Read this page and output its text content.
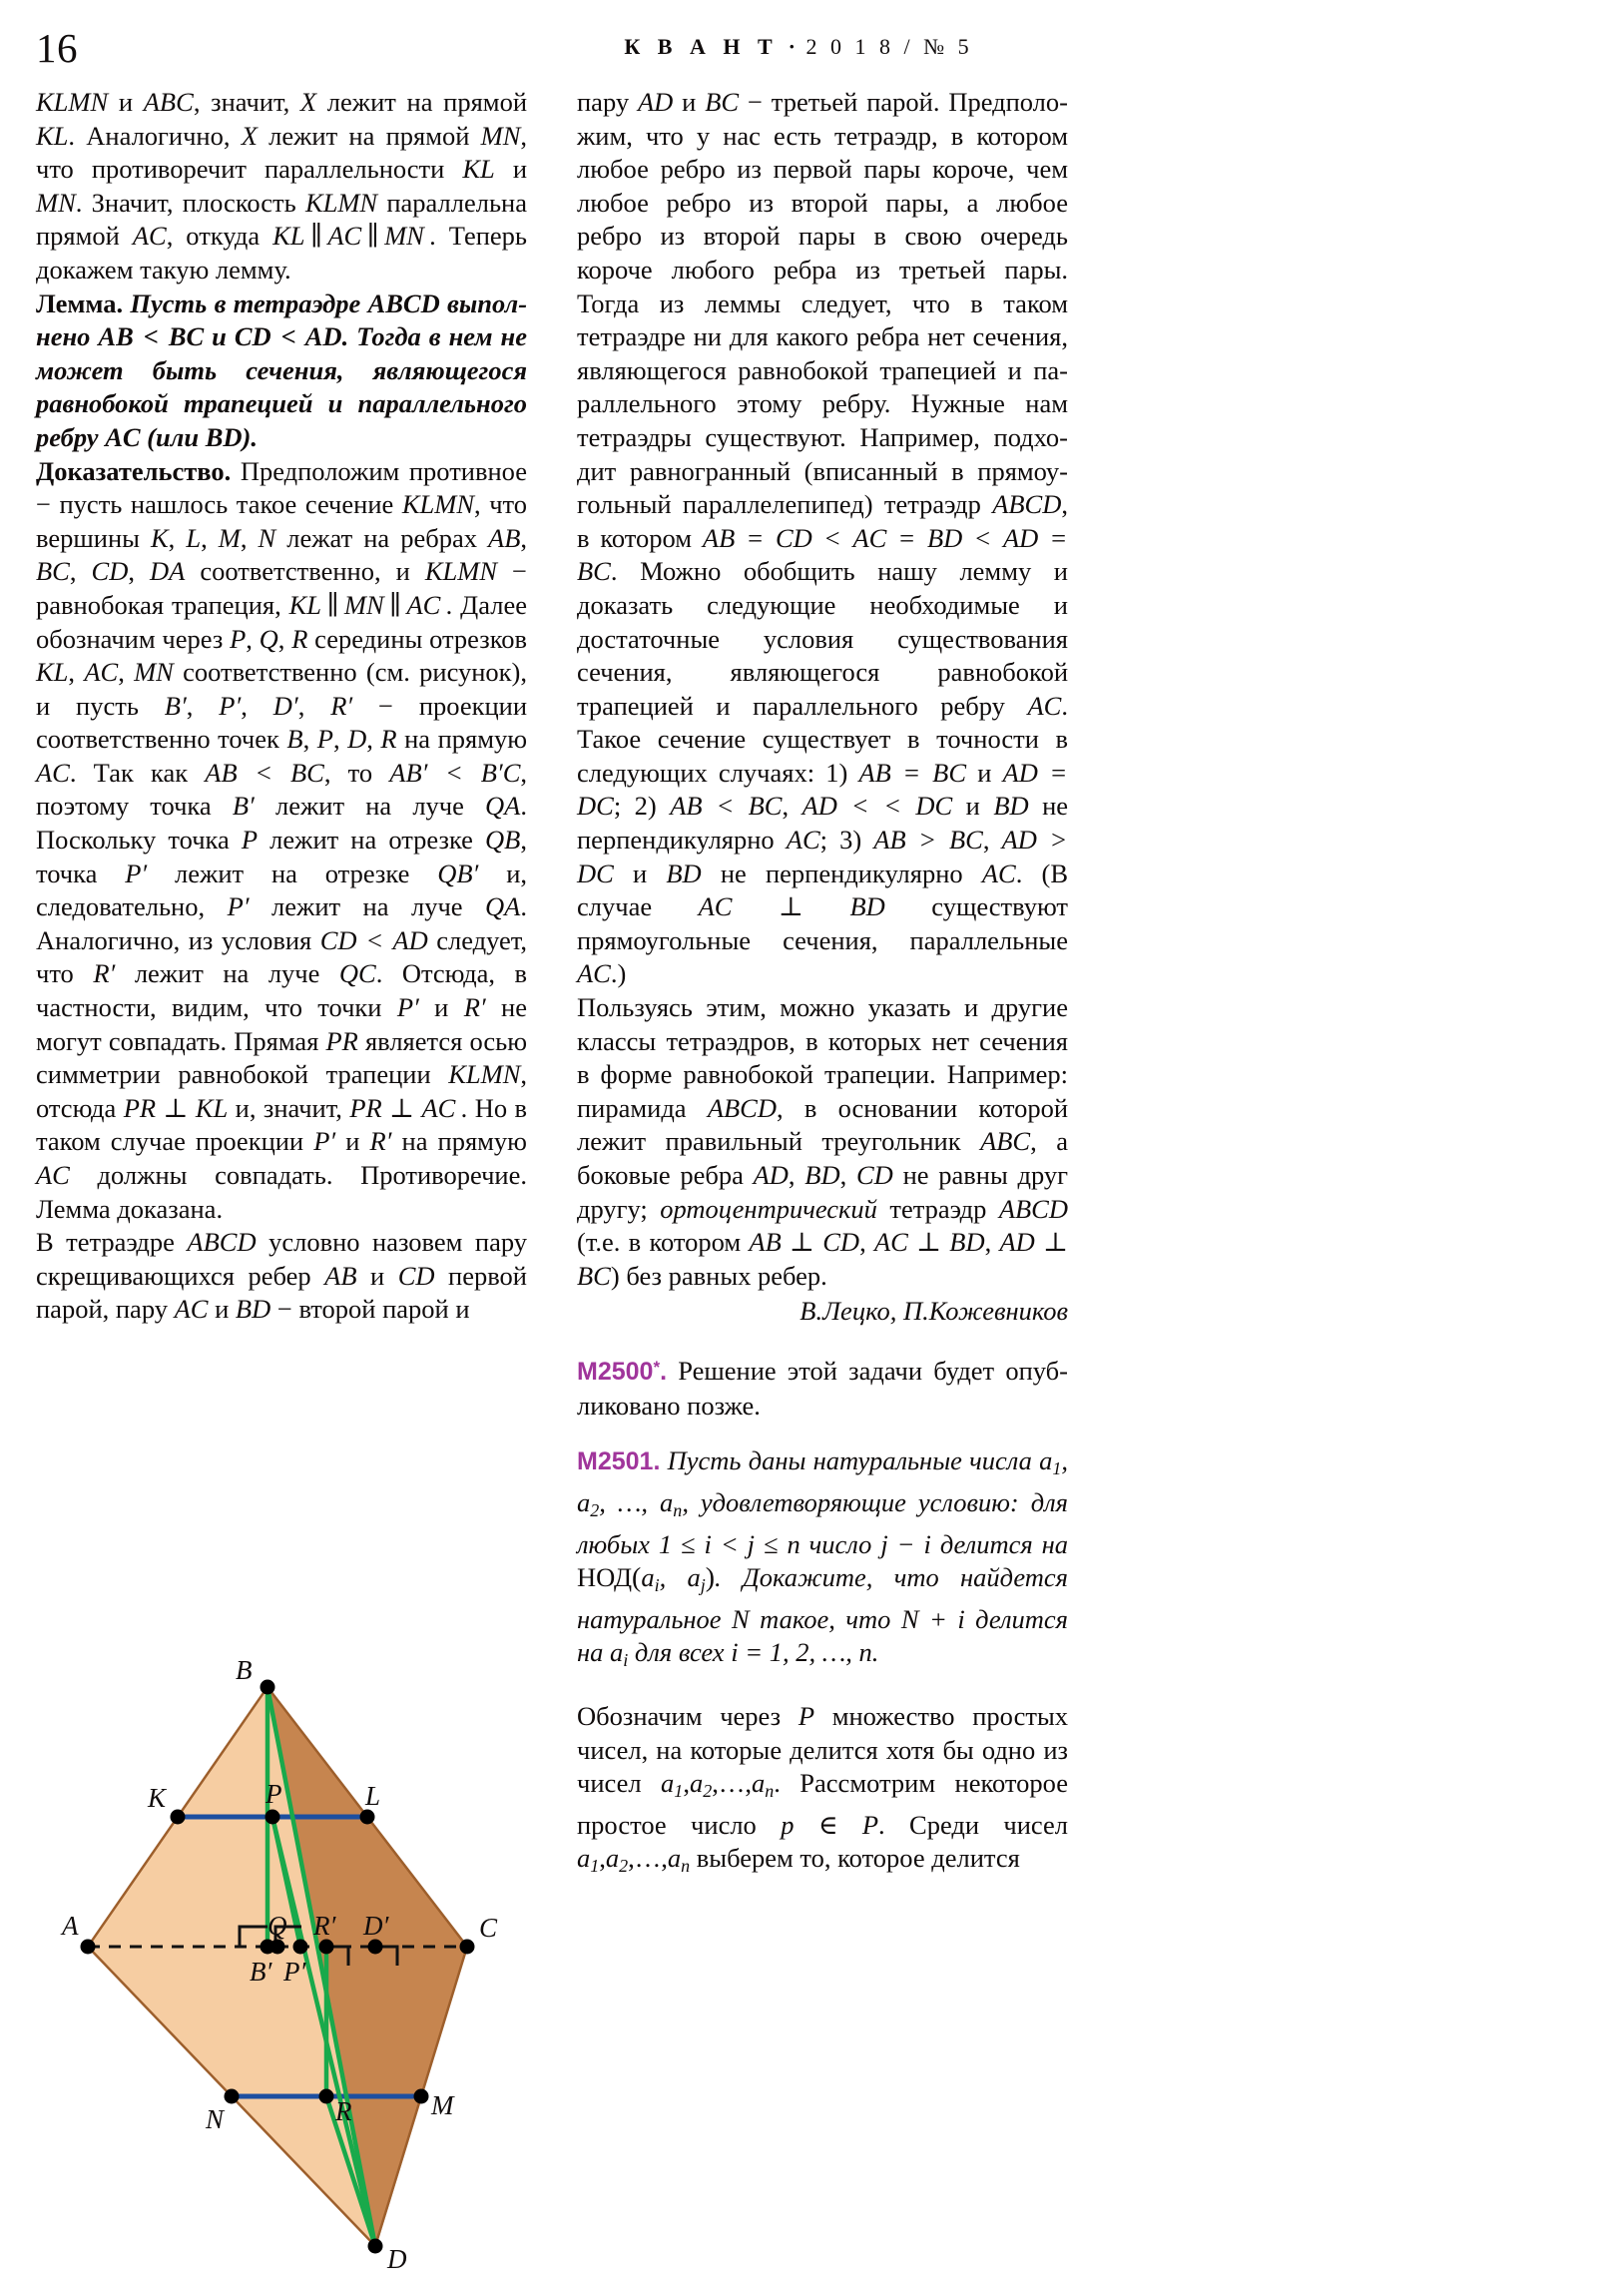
16	К В А Н Т · 2 0 1 8 / № 5

KLMN и ABC, значит, X лежит на прямой KL. Аналогично, X лежит на прямой MN, что противоречит параллельности KL и MN. Значит, плоскость KLMN параллельна прямой AC, откуда KL ∥ AC ∥ MN . Теперь докажем такую лемму.

Лемма. Пусть в тетраэдре ABCD выполнено AB < BC и CD < AD. Тогда в нем не может быть сечения, являющегося равнобокой трапецией и параллельного ребру AC (или BD).

Доказательство. Предположим противное − пусть нашлось такое сечение KLMN, что вершины K, L, M, N лежат на ребрах AB, BC, CD, DA соответственно, и KLMN − равнобокая трапеция, KL ∥ MN ∥ AC . Далее обозначим через P, Q, R середины отрезков KL, AC, MN соответственно (см. рисунок), и пусть B′, P′, D′, R′ − проекции соответственно точек B, P, D, R на прямую AC. Так как AB < BC, то AB′ < B′C, поэтому точка B′ лежит на луче QA. Поскольку точка P лежит на отрезке QB, точка P′ лежит на отрезке QB′ и, следовательно, P′ лежит на луче QA. Аналогично, из условия CD < AD следует, что R′ лежит на луче QC. Отсюда, в частности, видим, что точки P′ и R′ не могут совпадать. Прямая PR является осью симметрии равнобокой трапеции KLMN, отсюда PR ⊥ KL и, значит, PR ⊥ AC . Но в таком случае проекции P′ и R′ на прямую AC должны совпадать. Противоречие. Лемма доказана.

В тетраэдре ABCD условно назовем пару скрещивающихся ребер AB и CD первой парой, пару AC и BD − второй парой и

пару AD и BC − третьей парой. Предположим, что у нас есть тетраэдр, в котором любое ребро из первой пары короче, чем любое ребро из второй пары, а любое ребро из второй пары в свою очередь короче любого ребра из третьей пары. Тогда из леммы следует, что в таком тетраэдре ни для какого ребра нет сечения, являющегося равнобокой трапецией и параллельного этому ребру. Нужные нам тетраэдры существуют. Например, подходит равногранный (вписанный в прямоугольный параллелепипед) тетраэдр ABCD, в котором AB = CD < AC = BD < AD = BC. Можно обобщить нашу лемму и доказать следующие необходимые и достаточные условия существования сечения, являющегося равнобокой трапецией и параллельного ребру AC. Такое сечение существует в точности в следующих случаях: 1) AB = BC и AD = DC; 2) AB < BC, AD < < DC и BD не перпендикулярно AC; 3) AB > BC, AD > DC и BD не перпендикулярно AC. (В случае AC ⊥ BD существуют прямоугольные сечения, параллельные AC.)

Пользуясь этим, можно указать и другие классы тетраэдров, в которых нет сечения в форме равнобокой трапеции. Например: пирамида ABCD, в основании которой лежит правильный треугольник ABC, а боковые ребра AD, BD, CD не равны друг другу; ортоцентрический тетраэдр ABCD (т.е. в котором AB ⊥ CD, AC ⊥ BD, AD ⊥ BC) без равных ребер.

В.Лецко, П.Кожевников

M2500*. Решение этой задачи будет опубликовано позже.

M2501. Пусть даны натуральные числа $a_1$, $a_2$, …, $a_n$, удовлетворяющие условию: для любых 1 ≤ i < j ≤ n число j − i делится на $НОД(a_i$, $a_j$). Докажите, что найдется натуральное N такое, что N + i делится на $a_i$ для всех i = 1, 2, …, n.

Обозначим через P множество простых чисел, на которые делится хотя бы одно из чисел $a_1,a_2,\dots,a_n$. Рассмотрим некоторое простое число p ∈ P. Среди чисел $a_1,a_2,\dots,a_n$ выберем то, которое делится

A
B
C
D
K	L
M
N
P
Q
R
B′ P′
R′ D′
